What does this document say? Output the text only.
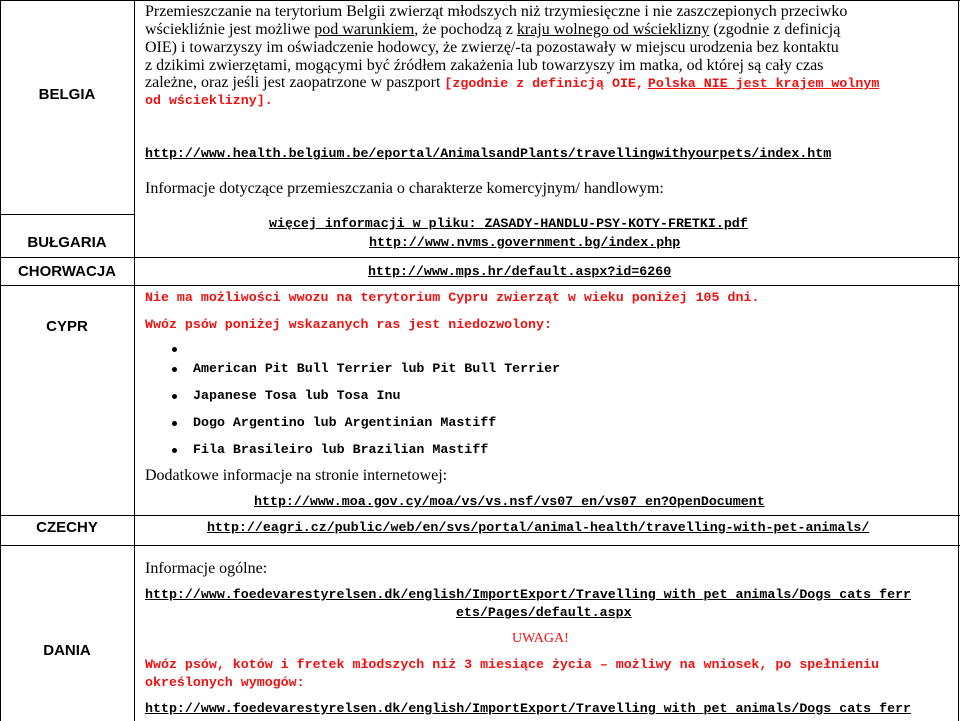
BELGIA
BUŁGARIA
CHORWACJA
CYPR
CZECHY
DANIA
Przemieszczanie na terytorium Belgii zwierząt młodszych niż trzymiesięczne i nie zaszczepionych przeciwko
wściekliźnie jest możliwe pod warunkiem, że pochodzą z kraju wolnego od wścieklizny (zgodnie z definicją
OIE) i towarzyszy im oświadczenie hodowcy, że zwierzę/-ta pozostawały w miejscu urodzenia bez kontaktu
z dzikimi zwierzętami, mogącymi być źródłem zakażenia lub towarzyszy im matka, od której są cały czas
zależne, oraz jeśli jest zaopatrzone w paszport [zgodnie z definicją OIE, Polska NIE jest krajem wolnym
od wścieklizny].
http://www.health.belgium.be/eportal/AnimalsandPlants/travellingwithyourpets/index.htm
Informacje dotyczące przemieszczania o charakterze komercyjnym/ handlowym:
więcej informacji w pliku: ZASADY-HANDLU-PSY-KOTY-FRETKI.pdf
http://www.nvms.government.bg/index.php
http://www.mps.hr/default.aspx?id=6260
Nie ma możliwości wwozu na terytorium Cypru zwierząt w wieku poniżej 105 dni.
Wwóz psów poniżej wskazanych ras jest niedozwolony:
American Pit Bull Terrier lub Pit Bull Terrier
Japanese Tosa lub Tosa Inu
Dogo Argentino lub Argentinian Mastiff
Fila Brasileiro lub Brazilian Mastiff
Dodatkowe informacje na stronie internetowej:
http://www.moa.gov.cy/moa/vs/vs.nsf/vs07_en/vs07_en?OpenDocument
http://eagri.cz/public/web/en/svs/portal/animal-health/travelling-with-pet-animals/
Informacje ogólne:
http://www.foedevarestyrelsen.dk/english/ImportExport/Travelling_with_pet_animals/Dogs_cats_ferr
ets/Pages/default.aspx
UWAGA!
Wwóz psów, kotów i fretek młodszych niż 3 miesiące życia – możliwy na wniosek, po spełnieniu
określonych wymogów:
http://www.foedevarestyrelsen.dk/english/ImportExport/Travelling_with_pet_animals/Dogs_cats_ferr
